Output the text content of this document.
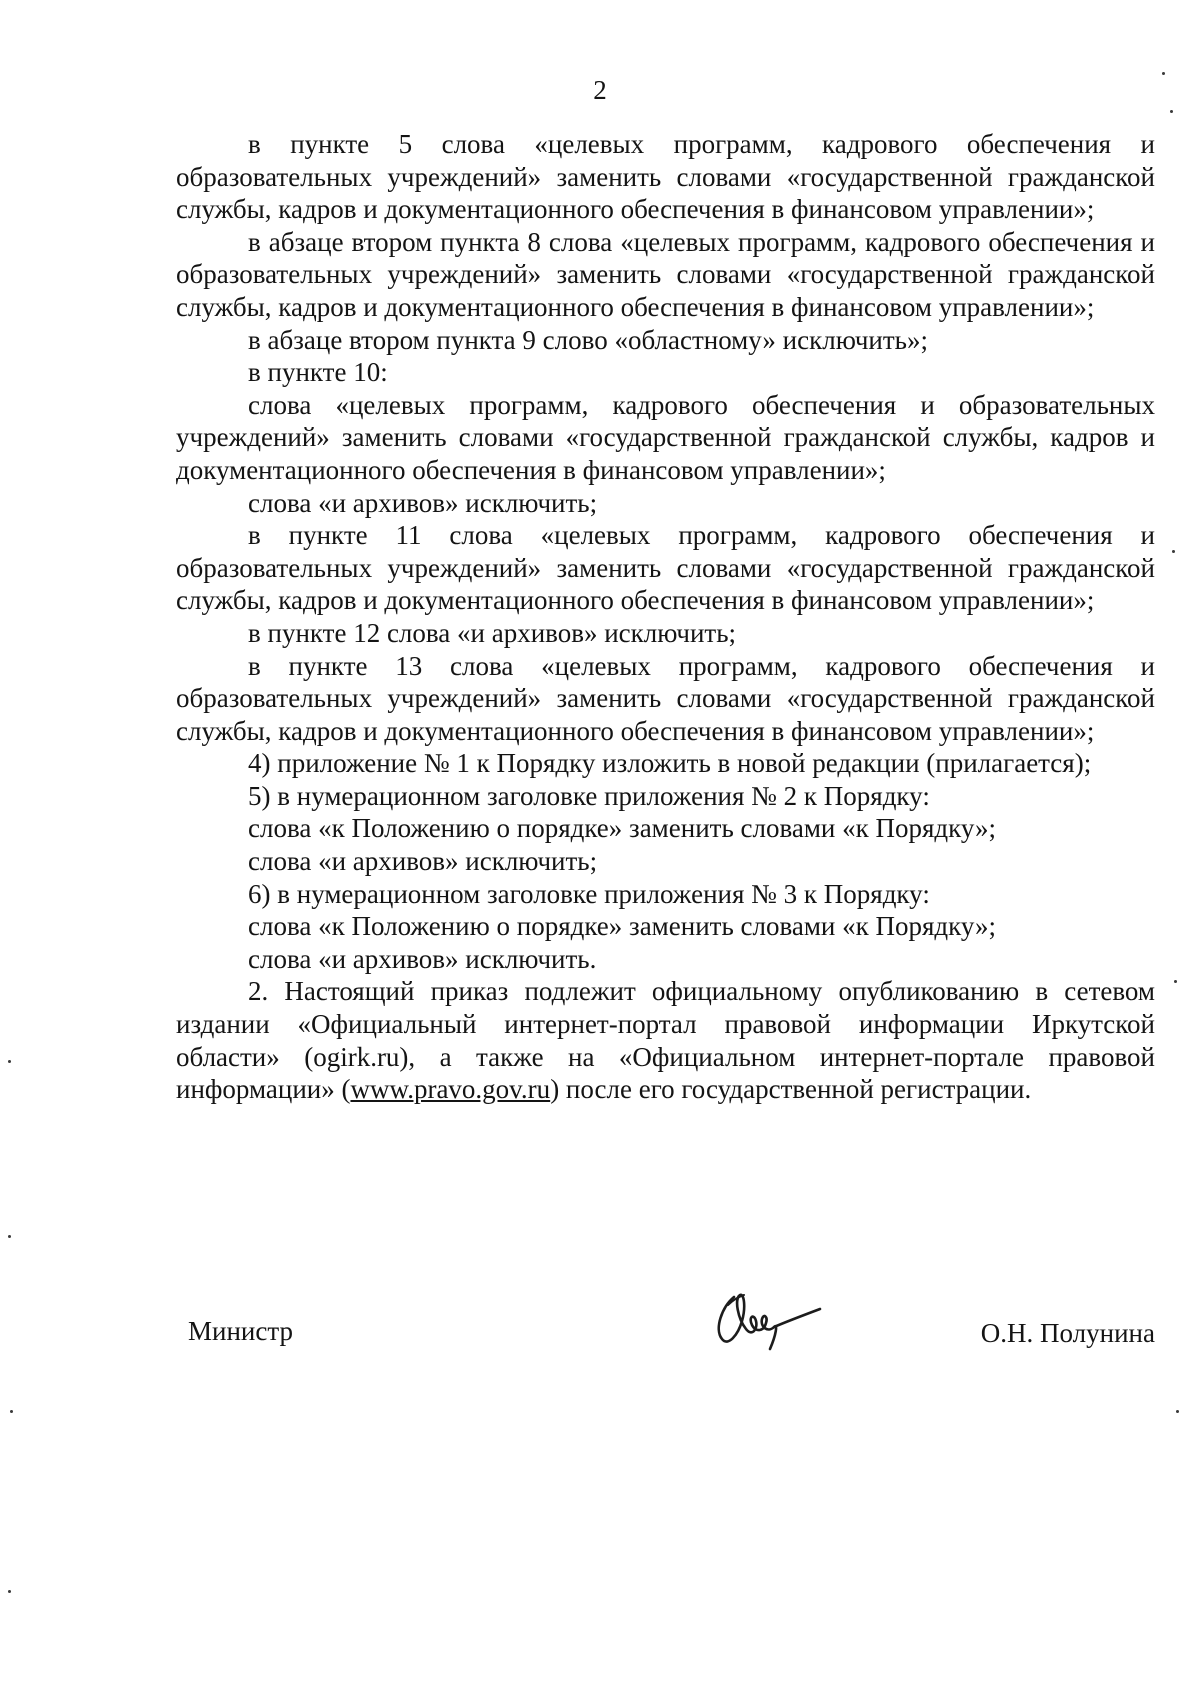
2

в пункте 5 слова «целевых программ, кадрового обеспечения и образовательных учреждений» заменить словами «государственной гражданской службы, кадров и документационного обеспечения в финансовом управлении»;

в абзаце втором пункта 8 слова «целевых программ, кадрового обеспечения и образовательных учреждений» заменить словами «государственной гражданской службы, кадров и документационного обеспечения в финансовом управлении»;

в абзаце втором пункта 9 слово «областному» исключить»;

в пункте 10:

слова «целевых программ, кадрового обеспечения и образовательных учреждений» заменить словами «государственной гражданской службы, кадров и документационного обеспечения в финансовом управлении»;

слова «и архивов» исключить;

в пункте 11 слова «целевых программ, кадрового обеспечения и образовательных учреждений» заменить словами «государственной гражданской службы, кадров и документационного обеспечения в финансовом управлении»;

в пункте 12 слова «и архивов» исключить;

в пункте 13 слова «целевых программ, кадрового обеспечения и образовательных учреждений» заменить словами «государственной гражданской службы, кадров и документационного обеспечения в финансовом управлении»;

4) приложение № 1 к Порядку изложить в новой редакции (прилагается);

5) в нумерационном заголовке приложения № 2 к Порядку:

слова «к Положению о порядке» заменить словами «к Порядку»;

слова «и архивов» исключить;

6) в нумерационном заголовке приложения № 3 к Порядку:

слова «к Положению о порядке» заменить словами «к Порядку»;

слова «и архивов» исключить.

2. Настоящий приказ подлежит официальному опубликованию в сетевом издании «Официальный интернет-портал правовой информации Иркутской области» (ogirk.ru), а также на «Официальном интернет-портале правовой информации» (www.pravo.gov.ru) после его государственной регистрации.

Министр	О.Н. Полунина
